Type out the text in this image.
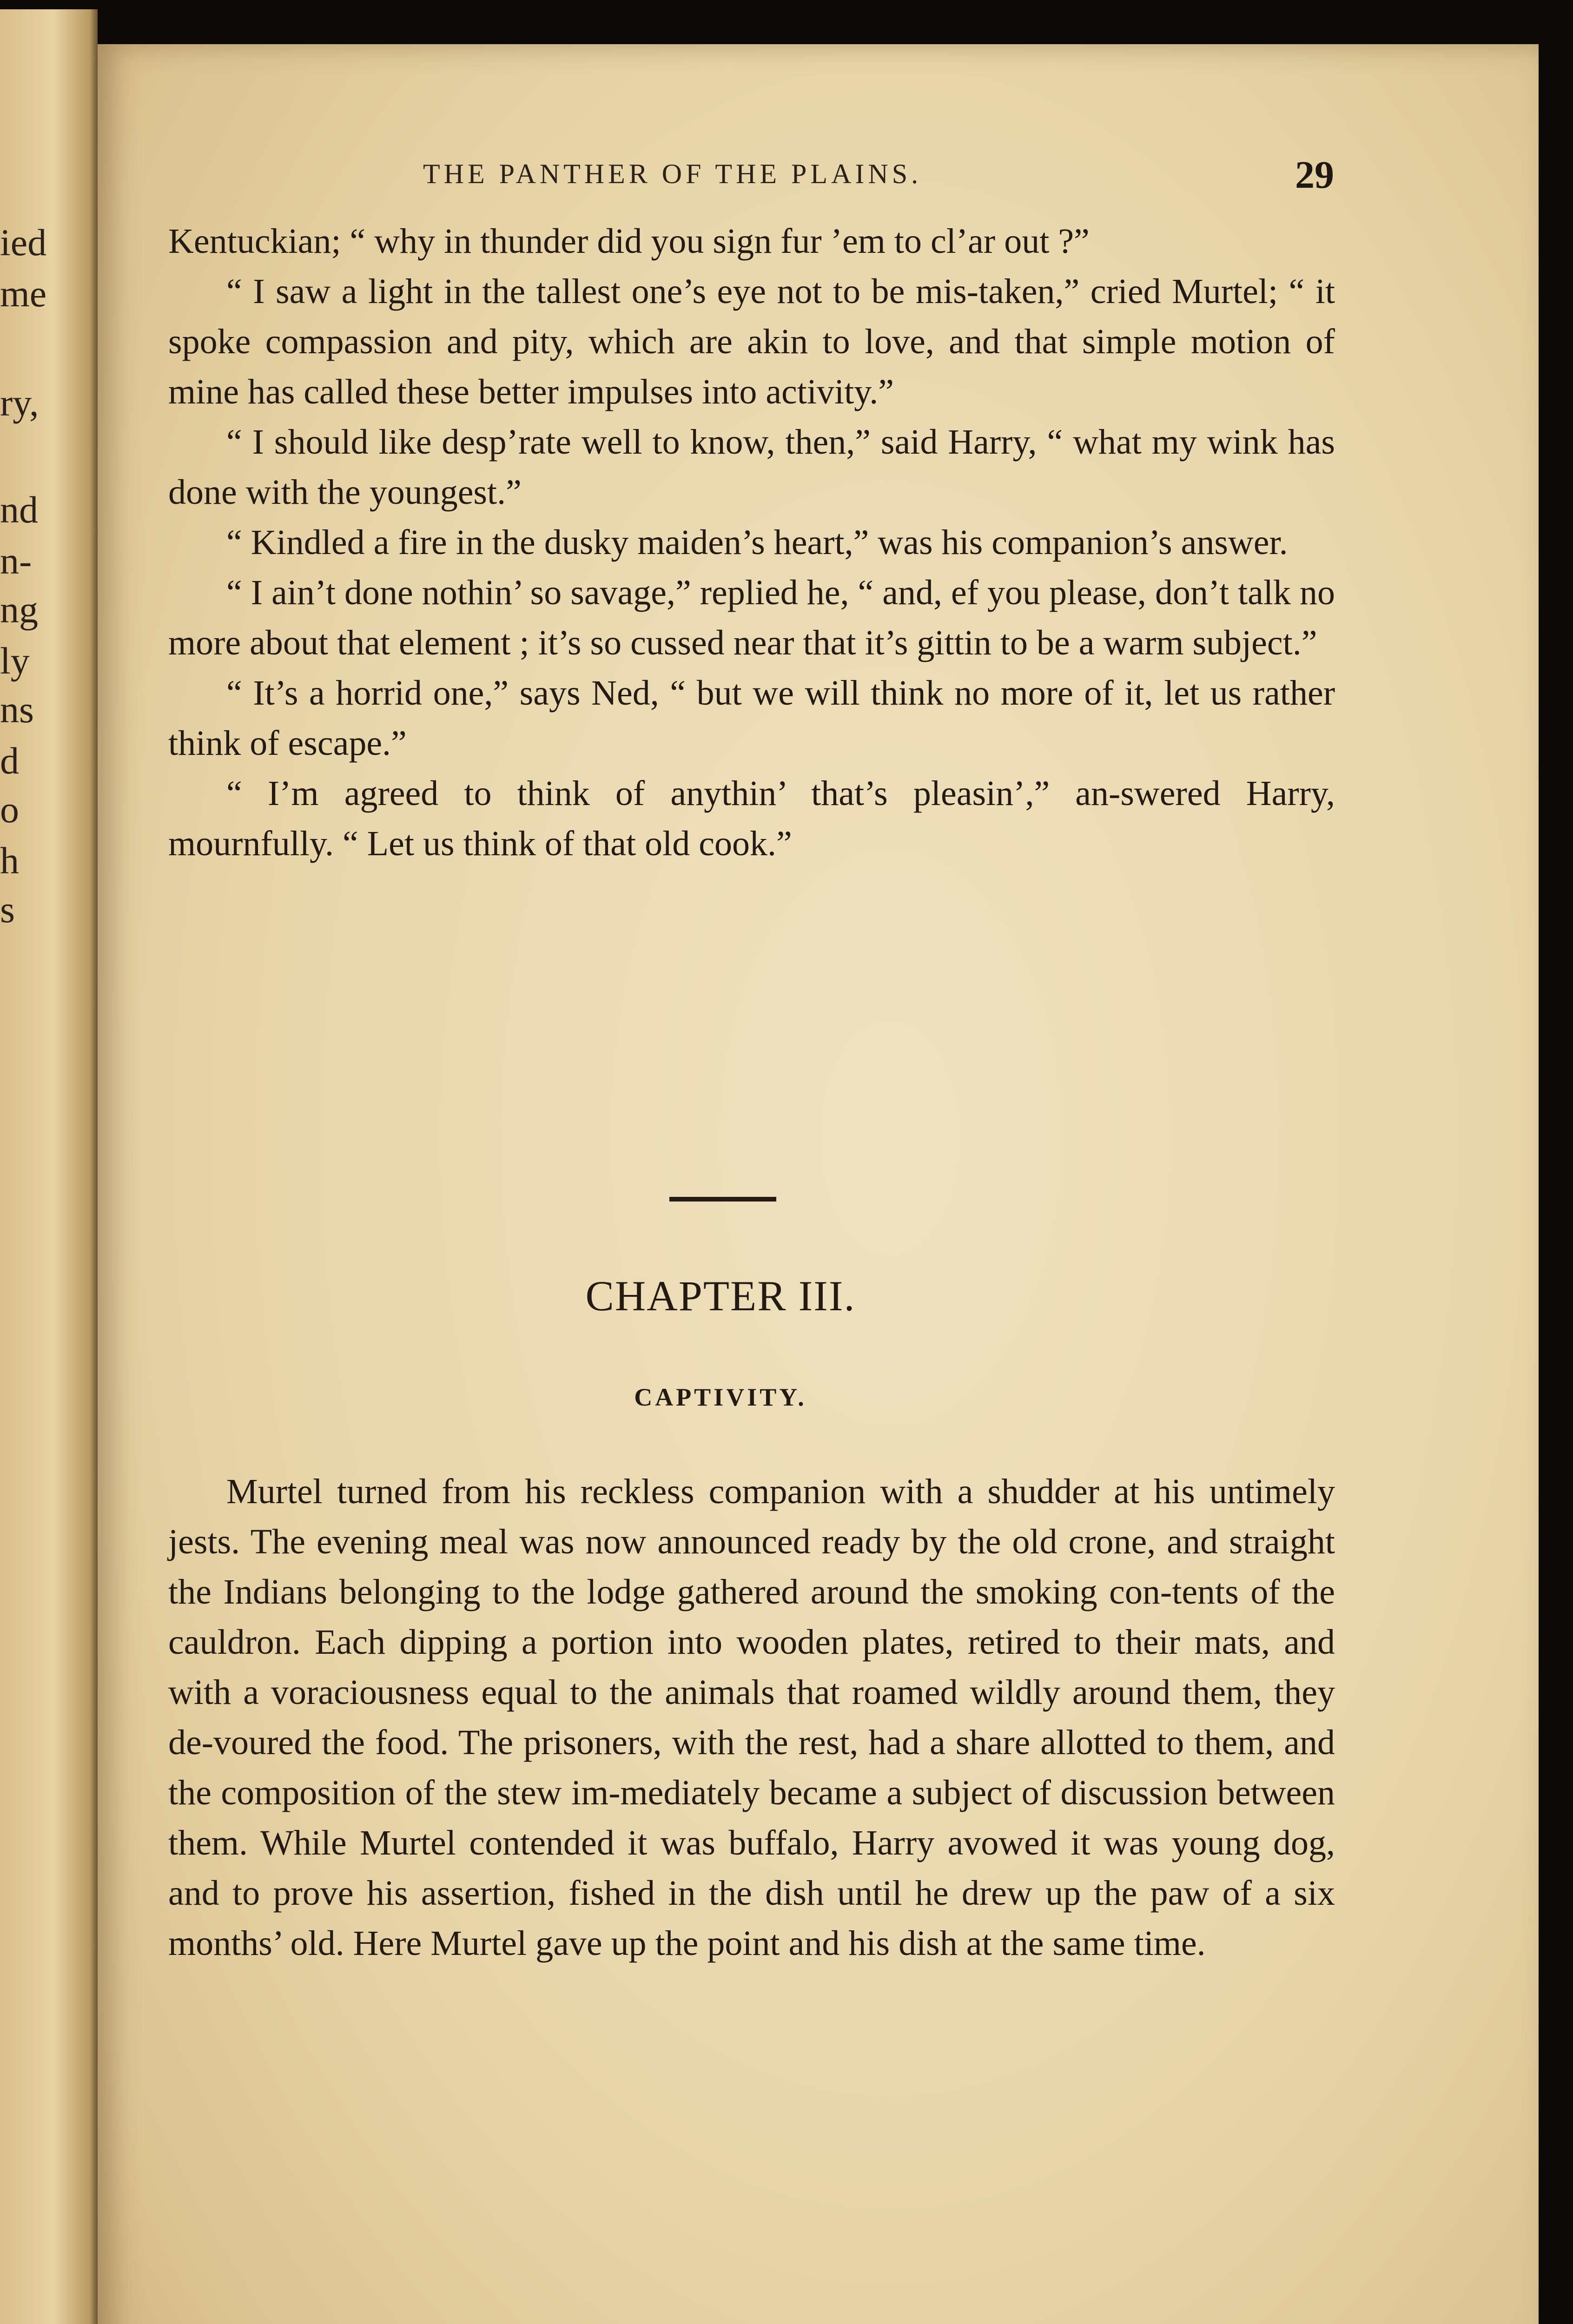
ied
me
ry,
nd
n-
ng
ly
ns
d
o
h
s
THE PANTHER OF THE PLAINS.	29

Kentuckian; “ why in thunder did you sign fur ’em to cl’ar out ?”

“ I saw a light in the tallest one’s eye not to be mis-taken,” cried Murtel; “ it spoke compassion and pity, which are akin to love, and that simple motion of mine has called these better impulses into activity.”

“ I should like desp’rate well to know, then,” said Harry, “ what my wink has done with the youngest.”

“ Kindled a fire in the dusky maiden’s heart,” was his companion’s answer.

“ I ain’t done nothin’ so savage,” replied he, “ and, ef you please, don’t talk no more about that element ; it’s so cussed near that it’s gittin to be a warm subject.”

“ It’s a horrid one,” says Ned, “ but we will think no more of it, let us rather think of escape.”

“ I’m agreed to think of anythin’ that’s pleasin’,” an-swered Harry, mournfully. “ Let us think of that old cook.”

CHAPTER III.
CAPTIVITY.

Murtel turned from his reckless companion with a shudder at his untimely jests. The evening meal was now announced ready by the old crone, and straight the Indians belonging to the lodge gathered around the smoking con-tents of the cauldron. Each dipping a portion into wooden plates, retired to their mats, and with a voraciousness equal to the animals that roamed wildly around them, they de-voured the food. The prisoners, with the rest, had a share allotted to them, and the composition of the stew im-mediately became a subject of discussion between them. While Murtel contended it was buffalo, Harry avowed it was young dog, and to prove his assertion, fished in the dish until he drew up the paw of a six months’ old. Here Murtel gave up the point and his dish at the same time.
